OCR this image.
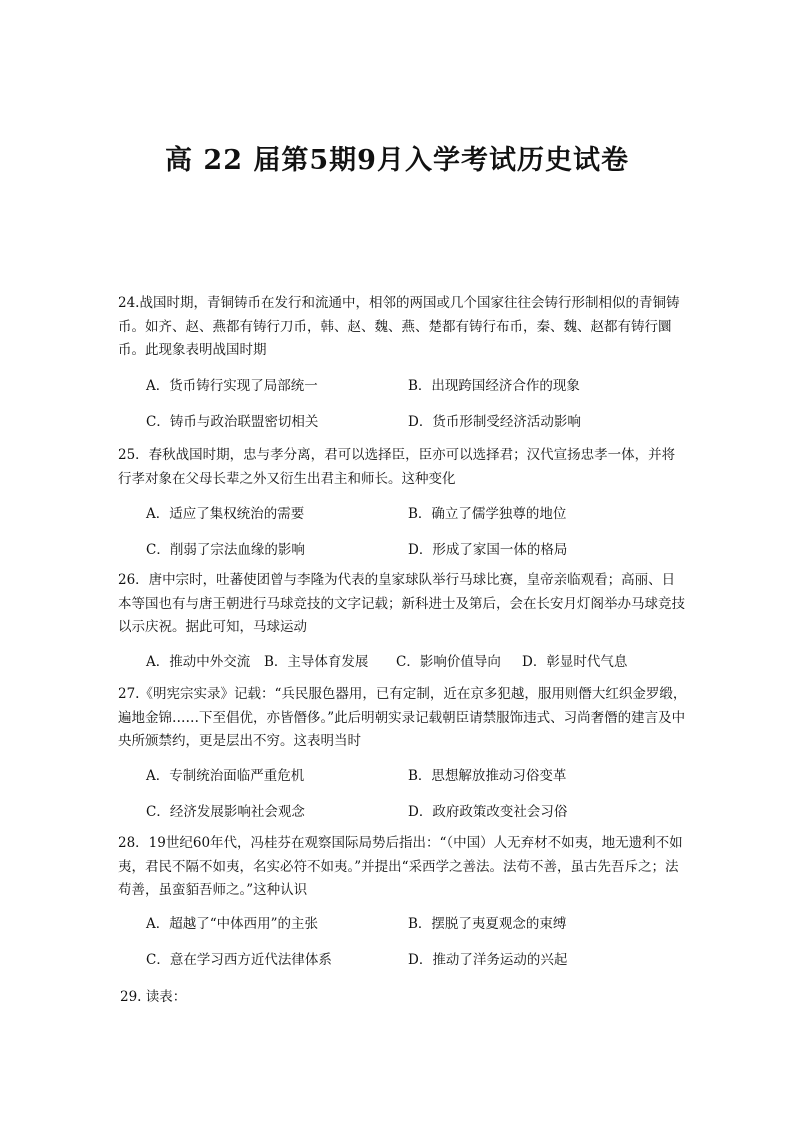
高 22 届第5期9月入学考试历史试卷
24.战国时期，青铜铸币在发行和流通中，相邻的两国或几个国家往往会铸行形制相似的青铜铸币。如齐、赵、燕都有铸行刀币，韩、赵、魏、燕、楚都有铸行布币，秦、魏、赵都有铸行圜币。此现象表明战国时期
A．货币铸行实现了局部统一	B．出现跨国经济合作的现象
C．铸币与政治联盟密切相关	D．货币形制受经济活动影响
25．春秋战国时期，忠与孝分离，君可以选择臣，臣亦可以选择君；汉代宣扬忠孝一体，并将行孝对象在父母长辈之外又衍生出君主和师长。这种变化
A．适应了集权统治的需要	B．确立了儒学独尊的地位
C．削弱了宗法血缘的影响	D．形成了家国一体的格局
26．唐中宗时，吐蕃使团曾与李隆为代表的皇家球队举行马球比赛，皇帝亲临观看；高丽、日本等国也有与唐王朝进行马球竞技的文字记载；新科进士及第后，会在长安月灯阁举办马球竞技以示庆祝。据此可知，马球运动
A．推动中外交流 B．主导体育发展 C．影响价值导向 D．彰显时代气息
27.《明宪宗实录》记载：“兵民服色器用，已有定制，近在京多犯越，服用则僭大红织金罗缎，遍地金锦……下至倡优，亦皆僭侈。”此后明朝实录记载朝臣请禁服饰违式、习尚奢僭的建言及中央所颁禁约，更是层出不穷。这表明当时
A．专制统治面临严重危机	B．思想解放推动习俗变革
C．经济发展影响社会观念	D．政府政策改变社会习俗
28．19世纪60年代，冯桂芬在观察国际局势后指出：“（中国）人无弃材不如夷，地无遗利不如夷，君民不隔不如夷，名实必符不如夷。”并提出“采西学之善法。法苟不善，虽古先吾斥之；法苟善，虽蛮貊吾师之。”这种认识
A．超越了“中体西用”的主张	B．摆脱了夷夏观念的束缚
C．意在学习西方近代法律体系	D．推动了洋务运动的兴起
29. 读表：
